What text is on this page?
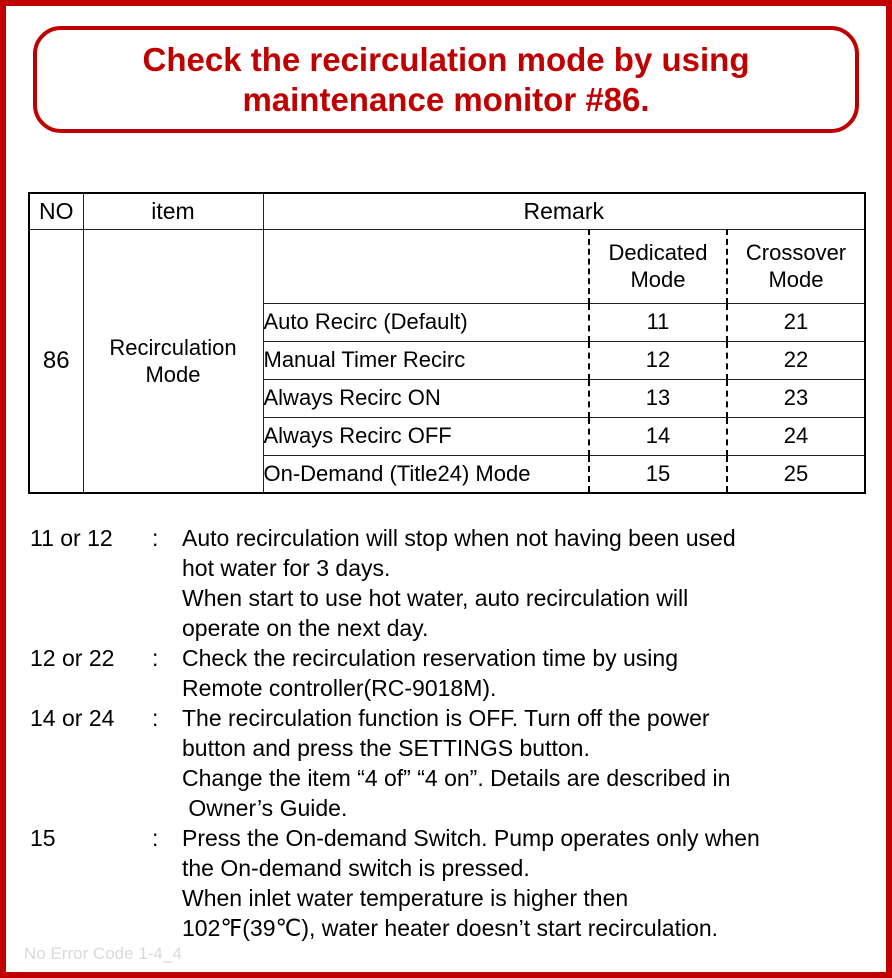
Check the recirculation mode by using
maintenance monitor #86.
NO	item	Remark		
86	Recirculation Mode		Dedicated Mode	Crossover Mode
		Auto Recirc (Default)	11	21
		Manual Timer Recirc	12	22
		Always Recirc ON	13	23
		Always Recirc OFF	14	24
		On-Demand (Title24) Mode	15	25
11 or 12	:	Auto recirculation will stop when not having been used
hot water for 3 days.
When start to use hot water, auto recirculation will
operate on the next day.
12 or 22	:	Check the recirculation reservation time by using
Remote controller(RC-9018M).
14 or 24	:	The recirculation function is OFF. Turn off the power
button and press the SETTINGS button.
Change the item “4 of” “4 on”. Details are described in
Owner’s Guide.
15	:	Press the On-demand Switch. Pump operates only when
the On-demand switch is pressed.
When inlet water temperature is higher then
102℉(39℃), water heater doesn’t start recirculation.
No Error Code 1-4_4
